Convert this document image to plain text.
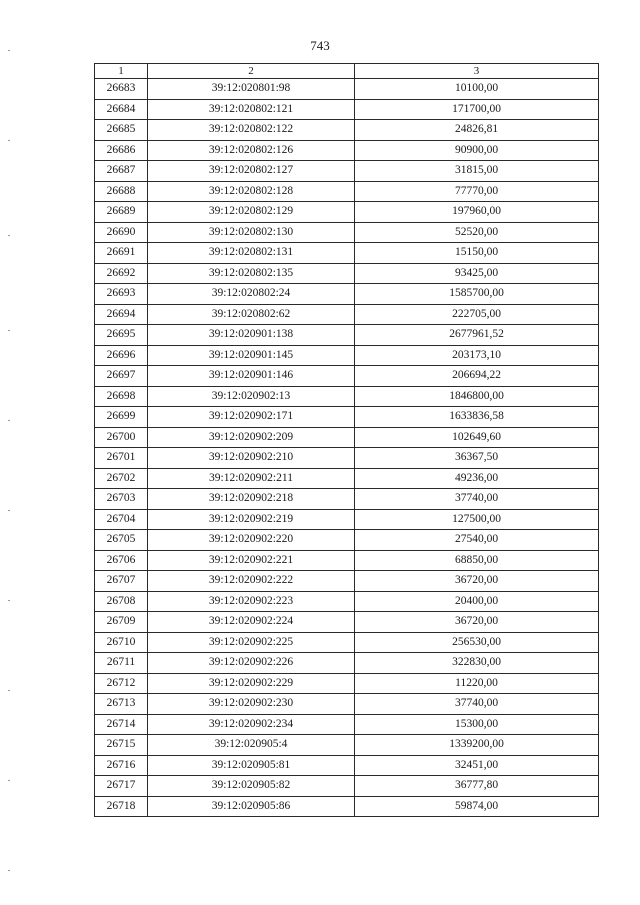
743
1	2	3
26683	39:12:020801:98	10100,00
26684	39:12:020802:121	171700,00
26685	39:12:020802:122	24826,81
26686	39:12:020802:126	90900,00
26687	39:12:020802:127	31815,00
26688	39:12:020802:128	77770,00
26689	39:12:020802:129	197960,00
26690	39:12:020802:130	52520,00
26691	39:12:020802:131	15150,00
26692	39:12:020802:135	93425,00
26693	39:12:020802:24	1585700,00
26694	39:12:020802:62	222705,00
26695	39:12:020901:138	2677961,52
26696	39:12:020901:145	203173,10
26697	39:12:020901:146	206694,22
26698	39:12:020902:13	1846800,00
26699	39:12:020902:171	1633836,58
26700	39:12:020902:209	102649,60
26701	39:12:020902:210	36367,50
26702	39:12:020902:211	49236,00
26703	39:12:020902:218	37740,00
26704	39:12:020902:219	127500,00
26705	39:12:020902:220	27540,00
26706	39:12:020902:221	68850,00
26707	39:12:020902:222	36720,00
26708	39:12:020902:223	20400,00
26709	39:12:020902:224	36720,00
26710	39:12:020902:225	256530,00
26711	39:12:020902:226	322830,00
26712	39:12:020902:229	11220,00
26713	39:12:020902:230	37740,00
26714	39:12:020902:234	15300,00
26715	39:12:020905:4	1339200,00
26716	39:12:020905:81	32451,00
26717	39:12:020905:82	36777,80
26718	39:12:020905:86	59874,00
